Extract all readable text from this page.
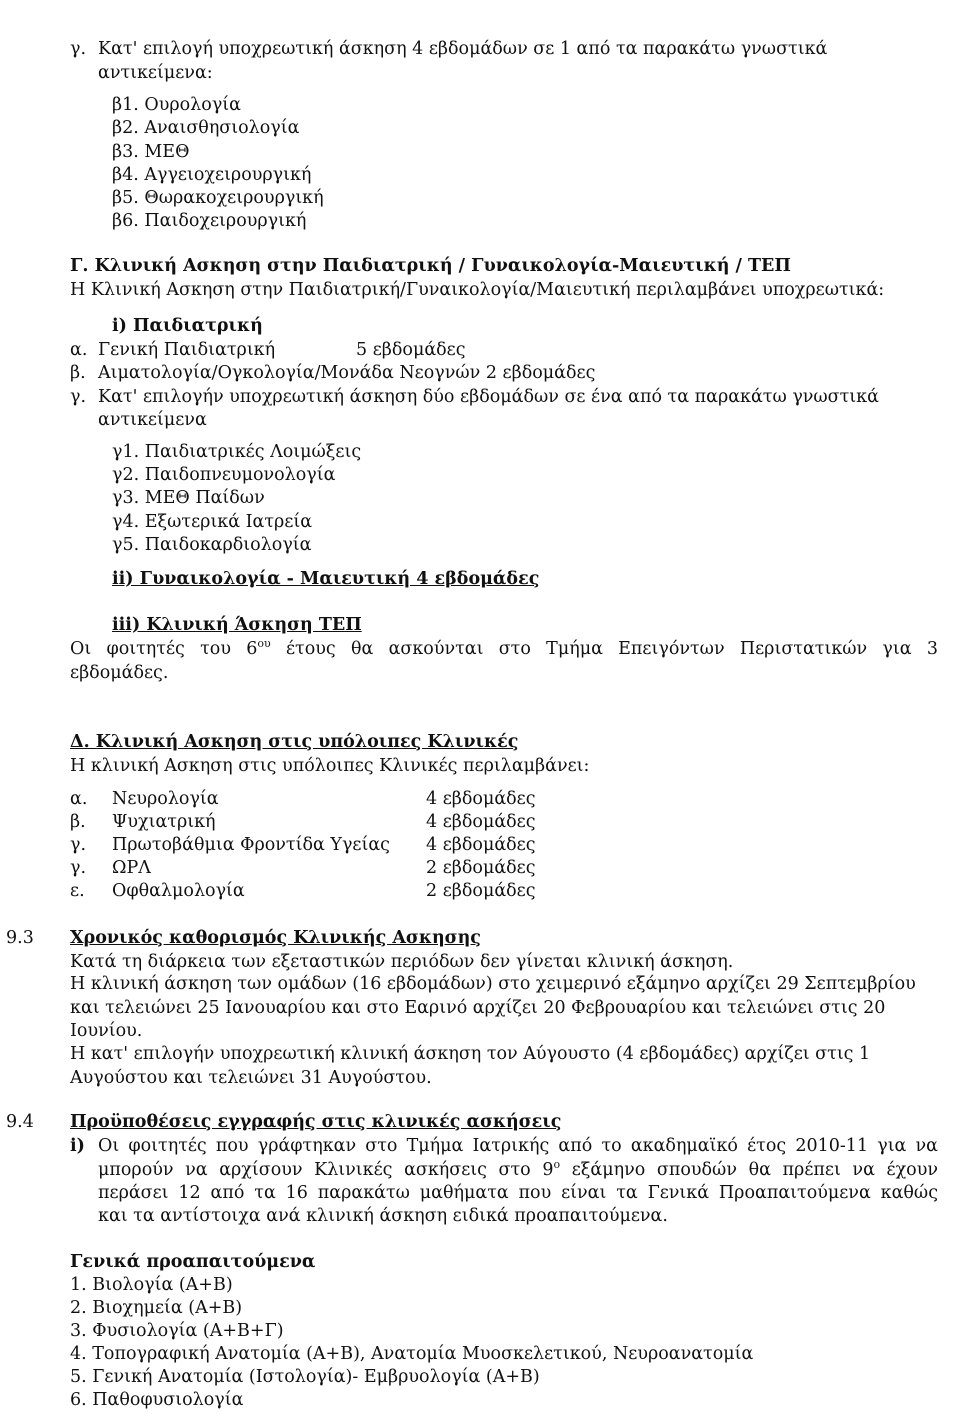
γ. Κατ' επιλογή υποχρεωτική άσκηση 4 εβδομάδων σε 1 από τα παρακάτω γνωστικά
αντικείμενα:
β1. Ουρολογία
β2. Αναισθησιολογία
β3. ΜΕΘ
β4. Αγγειοχειρουργική
β5. Θωρακοχειρουργική
β6. Παιδοχειρουργική
Γ. Κλινική Ασκηση στην Παιδιατρική / Γυναικολογία-Μαιευτική / ΤΕΠ
Η Κλινική Ασκηση στην Παιδιατρική/Γυναικολογία/Μαιευτική περιλαμβάνει υποχρεωτικά:
i) Παιδιατρική
α. Γενική Παιδιατρική	5 εβδομάδες
β. Αιματολογία/Ογκολογία/Μονάδα Νεογνών 2 εβδομάδες
γ. Κατ' επιλογήν υποχρεωτική άσκηση δύο εβδομάδων σε ένα από τα παρακάτω γνωστικά
αντικείμενα
γ1. Παιδιατρικές Λοιμώξεις
γ2. Παιδοπνευμονολογία
γ3. ΜΕΘ Παίδων
γ4. Εξωτερικά Ιατρεία
γ5. Παιδοκαρδιολογία
ii) Γυναικολογία - Μαιευτική 4 εβδομάδες
iii) Κλινική Άσκηση ΤΕΠ
Οι φοιτητές του $6^{o\upsilon}$ έτους θα ασκούνται στο Τμήμα Επειγόντων Περιστατικών για 3
εβδομάδες.
Δ. Κλινική Ασκηση στις υπόλοιπες Κλινικές
Η κλινική Ασκηση στις υπόλοιπες Κλινικές περιλαμβάνει:
α. Νευρολογία	4 εβδομάδες
β. Ψυχιατρική	4 εβδομάδες
γ. Πρωτοβάθμια Φροντίδα Υγείας 4 εβδομάδες
γ. ΩΡΛ	2 εβδομάδες
ε. Οφθαλμολογία	2 εβδομάδες
9.3 Χρονικός καθορισμός Κλινικής Ασκησης
Κατά τη διάρκεια των εξεταστικών περιόδων δεν γίνεται κλινική άσκηση.
Η κλινική άσκηση των ομάδων (16 εβδομάδων) στο χειμερινό εξάμηνο αρχίζει 29 Σεπτεμβρίου και τελειώνει 25 Ιανουαρίου και στο Εαρινό αρχίζει 20 Φεβρουαρίου και τελειώνει στις 20 Ιουνίου.
Η κατ' επιλογήν υποχρεωτική κλινική άσκηση τον Αύγουστο (4 εβδομάδες) αρχίζει στις 1 Αυγούστου και τελειώνει 31 Αυγούστου.
9.4 Προϋποθέσεις εγγραφής στις κλινικές ασκήσεις
i) Οι φοιτητές που γράφτηκαν στο Τμήμα Ιατρικής από το ακαδημαϊκό έτος 2010-11 για να
μπορούν να αρχίσουν Κλινικές ασκήσεις στο $9^o$ εξάμηνο σπουδών θα πρέπει να έχουν
περάσει 12 από τα 16 παρακάτω μαθήματα που είναι τα Γενικά Προαπαιτούμενα καθώς
και τα αντίστοιχα ανά κλινική άσκηση ειδικά προαπαιτούμενα.
Γενικά προαπαιτούμενα
1. Βιολογία (Α+Β)
2. Βιοχημεία (Α+Β)
3. Φυσιολογία (Α+Β+Γ)
4. Τοπογραφική Ανατομία (Α+Β), Ανατομία Μυοσκελετικού, Νευροανατομία
5. Γενική Ανατομία (Ιστολογία)- Εμβρυολογία (Α+Β)
6. Παθοφυσιολογία
